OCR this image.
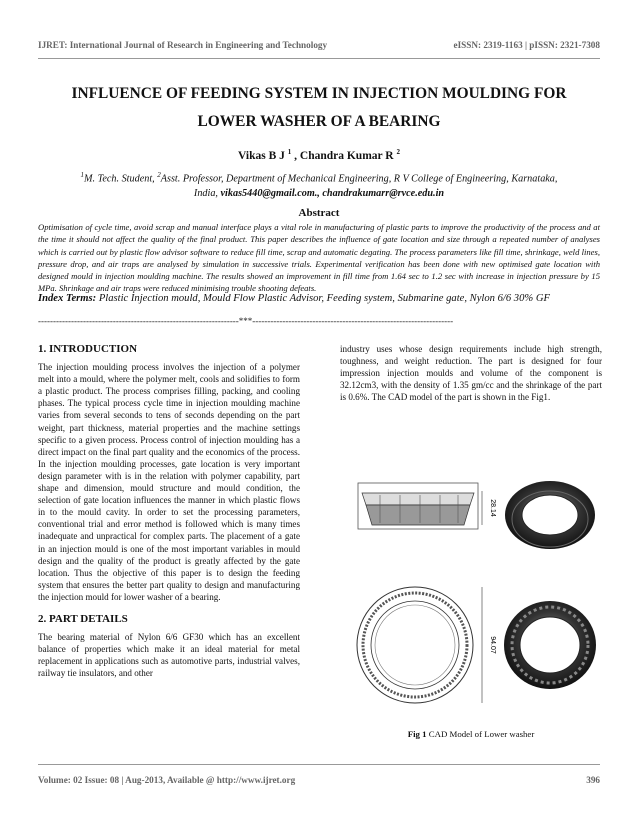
IJRET: International Journal of Research in Engineering and Technology	eISSN: 2319-1163 | pISSN: 2321-7308
INFLUENCE OF FEEDING SYSTEM IN INJECTION MOULDING FOR
LOWER WASHER OF A BEARING
Vikas B J $^1$ , Chandra Kumar R $^2$
$^1$M. Tech. Student, $^2$Asst. Professor, Department of Mechanical Engineering, R V College of Engineering, Karnataka,
India, vikas5440@gmail.com., chandrakumarr@rvce.edu.in
Abstract
Optimisation of cycle time, avoid scrap and manual interface plays a vital role in manufacturing of plastic parts to improve the productivity of the process and at the time it should not affect the quality of the final product. This paper describes the influence of gate location and size through a repeated number of analyses which is carried out by plastic flow advisor software to reduce fill time, scrap and automatic degating. The process parameters like fill time, shrinkage, weld lines, pressure drop, and air traps are analysed by simulation in successive trials. Experimental verification has been done with new optimised gate location with designed mould in injection moulding machine. The results showed an improvement in fill time from 1.64 sec to 1.2 sec with increase in injection pressure by 15 MPa. Shrinkage and air traps were reduced minimising trouble shooting defeats.
Index Terms: Plastic Injection mould, Mould Flow Plastic Advisor, Feeding system, Submarine gate, Nylon 6/6 30% GF
-------------------------------------------------------------------***-------------------------------------------------------------------
1. INTRODUCTION

The injection moulding process involves the injection of a polymer melt into a mould, where the polymer melt, cools and solidifies to form a plastic product. The process comprises filling, packing, and cooling phases. The typical process cycle time in injection moulding machine varies from several seconds to tens of seconds depending on the part weight, part thickness, material properties and the machine settings specific to a given process. Process control of injection moulding has a direct impact on the final part quality and the economics of the process. In the injection moulding processes, gate location is very important design parameter with is in the relation with polymer capability, part shape and dimension, mould structure and mould condition, the selection of gate location influences the manner in which plastic flows in to the mould cavity. In order to set the processing parameters, conventional trial and error method is followed which is many times inadequate and unpractical for complex parts. The placement of a gate in an injection mould is one of the most important variables in mould design and the quality of the product is greatly affected by the gate location. Thus the objective of this paper is to design the feeding system that ensures the better part quality to design and manufacturing the injection mould for lower washer of a bearing.

2. PART DETAILS

The bearing material of Nylon 6/6 GF30 which has an excellent balance of properties which make it an ideal material for metal replacement in applications such as automotive parts, industrial valves, railway tie insulators, and other

industry uses whose design requirements include high strength, toughness, and weight reduction. The part is designed for four impression injection moulds and volume of the component is 32.12cm3, with the density of 1.35 gm/cc and the shrinkage of the part is 0.6%. The CAD model of the part is shown in the Fig1.

28.14
94.07
Fig 1 CAD Model of Lower washer
Volume: 02 Issue: 08 | Aug-2013, Available @ http://www.ijret.org	396
